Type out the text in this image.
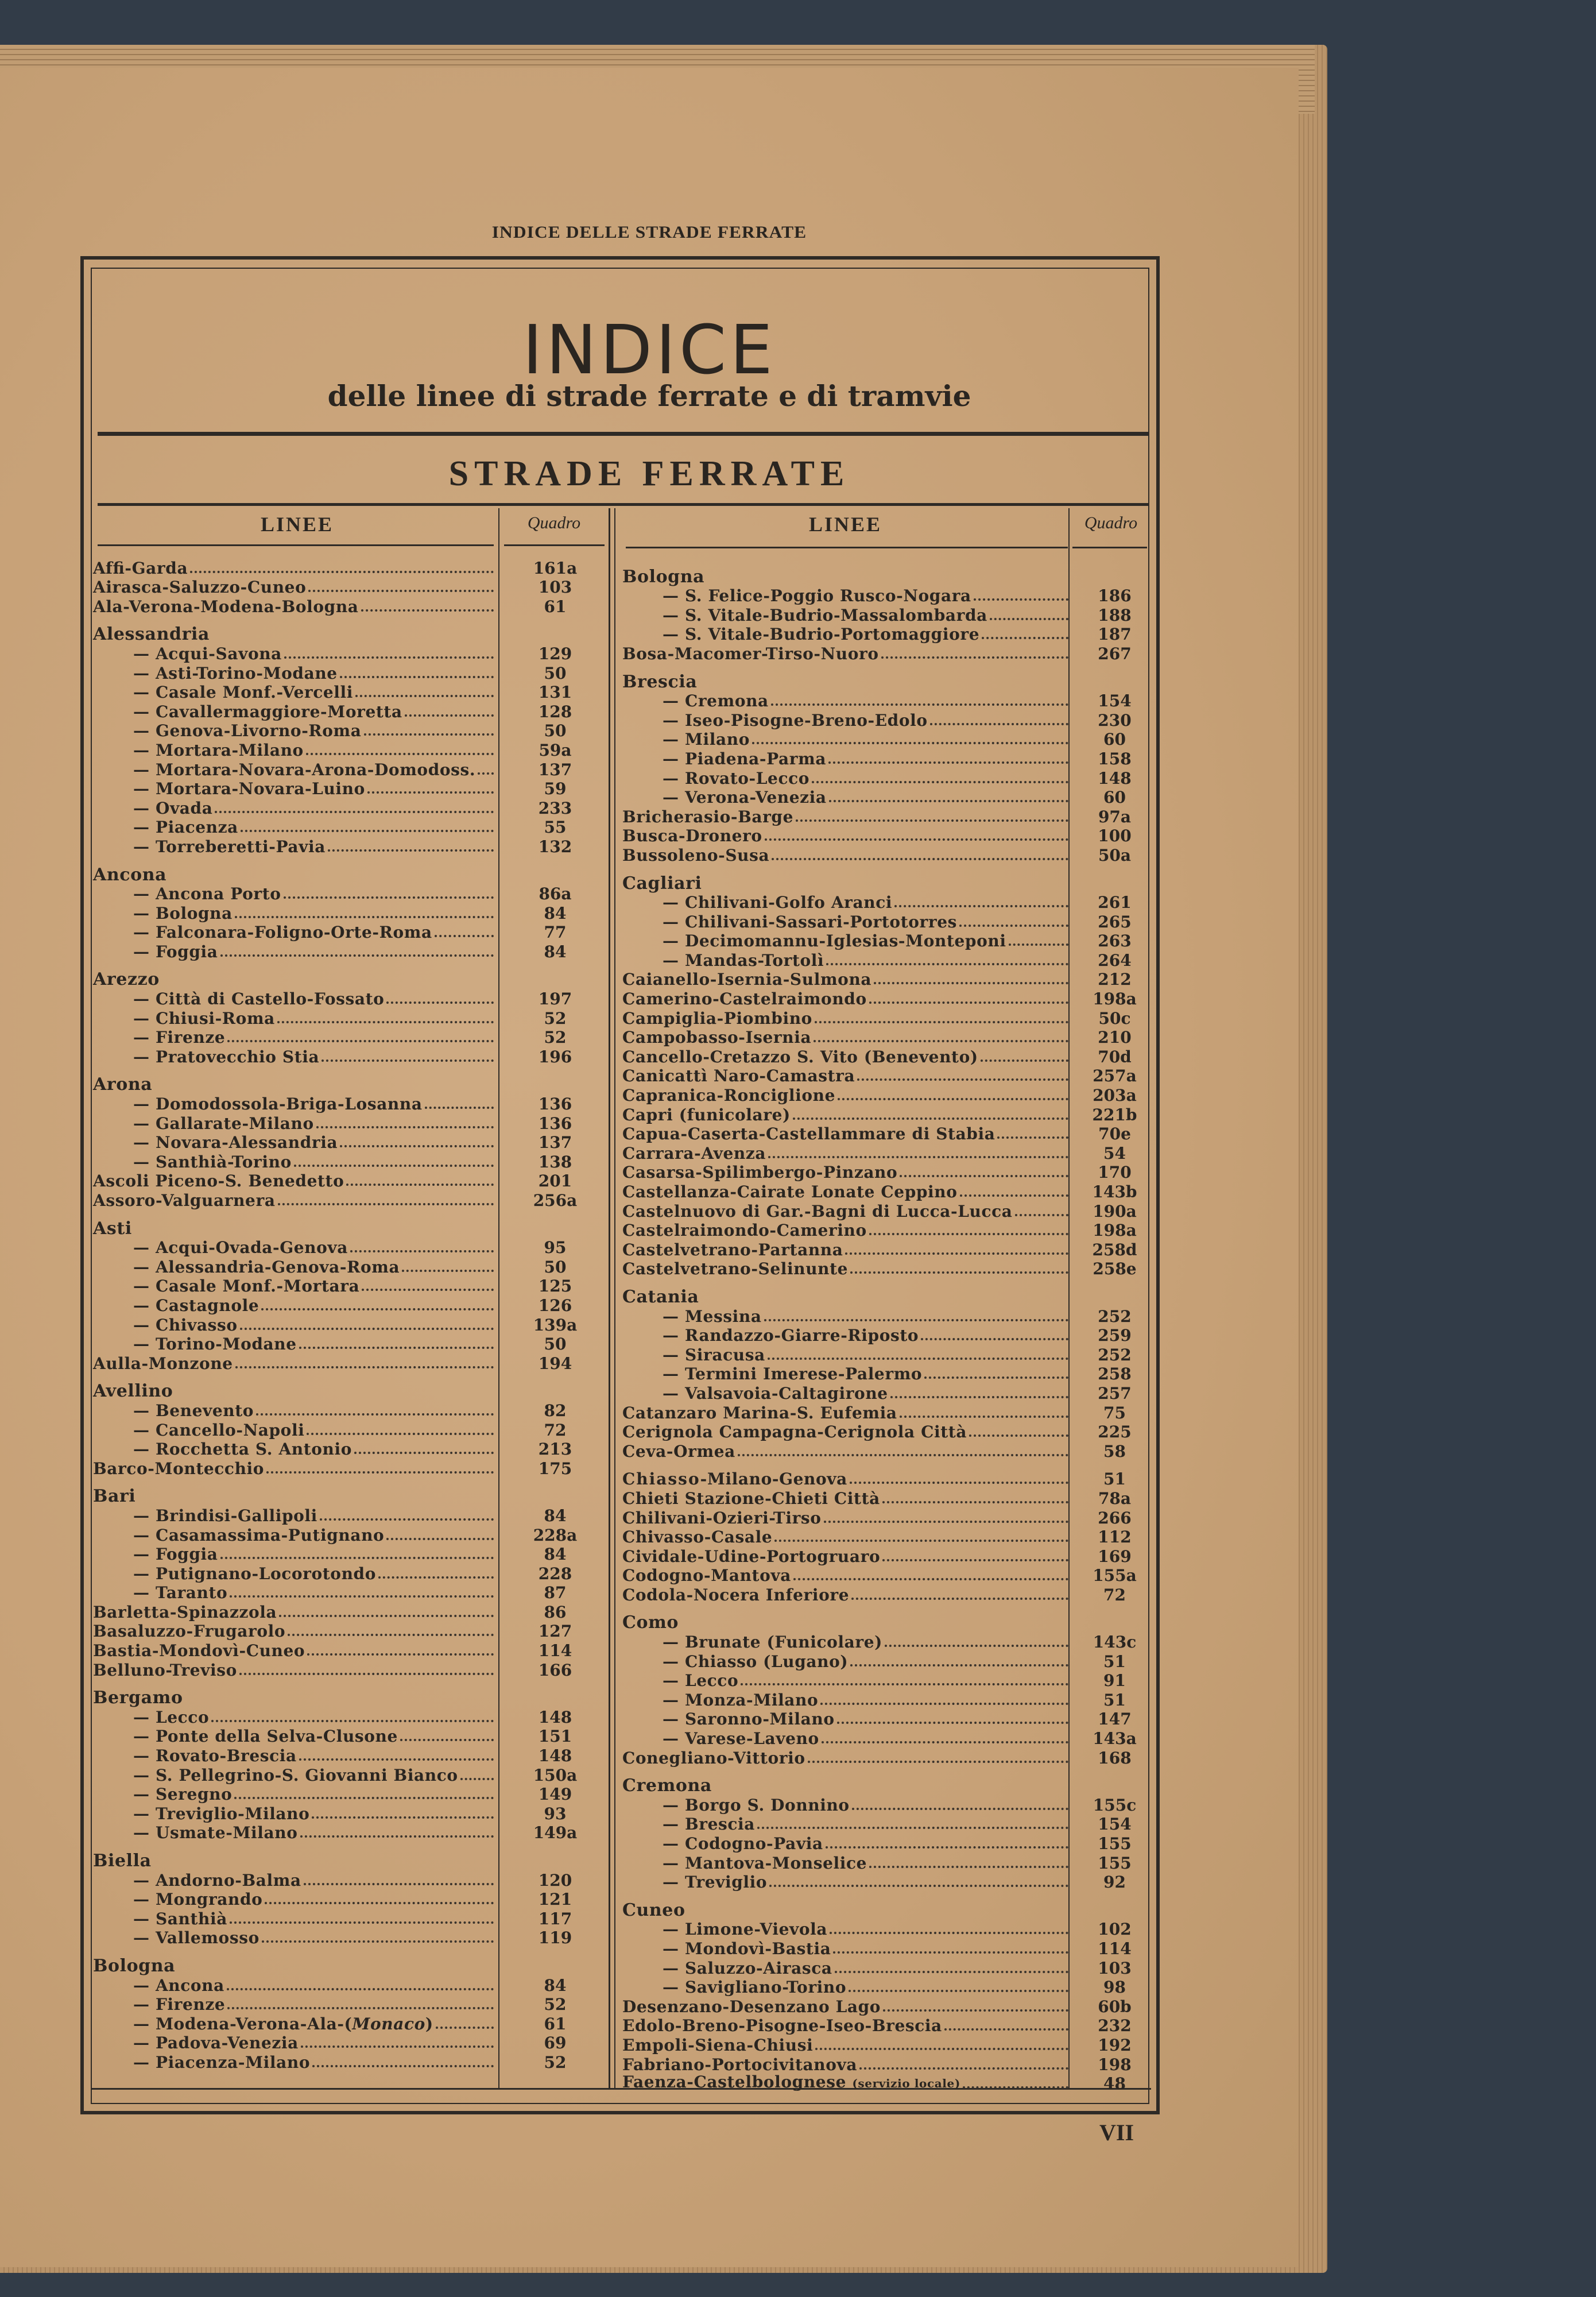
INDICE DELLE STRADE FERRATE
INDICE
delle linee di strade ferrate e di tramvie
STRADE FERRATE
LINEE	Quadro	LINEE	Quadro
Afﬁ-Garda	161a
Airasca-Saluzzo-Cuneo	103
Ala-Verona-Modena-Bologna	61
Alessandria
— Acqui-Savona	129
— Asti-Torino-Modane	50
— Casale Monf.-Vercelli	131
— Cavallermaggiore-Moretta	128
— Genova-Livorno-Roma	50
— Mortara-Milano	59a
— Mortara-Novara-Arona-Domodoss.	137
— Mortara-Novara-Luino	59
— Ovada	233
— Piacenza	55
— Torreberetti-Pavia	132
Ancona
— Ancona Porto	86a
— Bologna	84
— Falconara-Foligno-Orte-Roma	77
— Foggia	84
Arezzo
— Città di Castello-Fossato	197
— Chiusi-Roma	52
— Firenze	52
— Pratovecchio Stia	196
Arona
— Domodossola-Briga-Losanna	136
— Gallarate-Milano	136
— Novara-Alessandria	137
— Santhià-Torino	138
Ascoli Piceno-S. Benedetto	201
Assoro-Valguarnera	256a
Asti
— Acqui-Ovada-Genova	95
— Alessandria-Genova-Roma	50
— Casale Monf.-Mortara	125
— Castagnole	126
— Chivasso	139a
— Torino-Modane	50
Aulla-Monzone	194
Avellino
— Benevento	82
— Cancello-Napoli	72
— Rocchetta S. Antonio	213
Barco-Montecchio	175
Bari
— Brindisi-Gallipoli	84
— Casamassima-Putignano	228a
— Foggia	84
— Putignano-Locorotondo	228
— Taranto	87
Barletta-Spinazzola	86
Basaluzzo-Frugarolo	127
Bastia-Mondovì-Cuneo	114
Belluno-Treviso	166
Bergamo
— Lecco	148
— Ponte della Selva-Clusone	151
— Rovato-Brescia	148
— S. Pellegrino-S. Giovanni Bianco	150a
— Seregno	149
— Treviglio-Milano	93
— Usmate-Milano	149a
Biella
— Andorno-Balma	120
— Mongrando	121
— Santhià	117
— Vallemosso	119
Bologna
— Ancona	84
— Firenze	52
— Modena-Verona-Ala-(Monaco)	61
— Padova-Venezia	69
— Piacenza-Milano	52
Bologna
— S. Felice-Poggio Rusco-Nogara	186
— S. Vitale-Budrio-Massalombarda	188
— S. Vitale-Budrio-Portomaggiore	187
Bosa-Macomer-Tirso-Nuoro	267
Brescia
— Cremona	154
— Iseo-Pisogne-Breno-Edolo	230
— Milano	60
— Piadena-Parma	158
— Rovato-Lecco	148
— Verona-Venezia	60
Bricherasio-Barge	97a
Busca-Dronero	100
Bussoleno-Susa	50a
Cagliari
— Chilivani-Golfo Aranci	261
— Chilivani-Sassari-Portotorres	265
— Decimomannu-Iglesias-Monteponi	263
— Mandas-Tortolì	264
Caianello-Isernia-Sulmona	212
Camerino-Castelraimondo	198a
Campiglia-Piombino	50c
Campobasso-Isernia	210
Cancello-Cretazzo S. Vito (Benevento)	70d
Canicattì Naro-Camastra	257a
Capranica-Ronciglione	203a
Capri (funicolare)	221b
Capua-Caserta-Castellammare di Stabia	70e
Carrara-Avenza	54
Casarsa-Spilimbergo-Pinzano	170
Castellanza-Cairate Lonate Ceppino	143b
Castelnuovo di Gar.-Bagni di Lucca-Lucca	190a
Castelraimondo-Camerino	198a
Castelvetrano-Partanna	258d
Castelvetrano-Selinunte	258e
Catania
— Messina	252
— Randazzo-Giarre-Riposto	259
— Siracusa	252
— Termini Imerese-Palermo	258
— Valsavoia-Caltagirone	257
Catanzaro Marina-S. Eufemia	75
Cerignola Campagna-Cerignola Città	225
Ceva-Ormea	58
Chiasso-Milano-Genova	51
Chieti Stazione-Chieti Città	78a
Chilivani-Ozieri-Tirso	266
Chivasso-Casale	112
Cividale-Udine-Portogruaro	169
Codogno-Mantova	155a
Codola-Nocera Inferiore	72
Como
— Brunate (Funicolare)	143c
— Chiasso (Lugano)	51
— Lecco	91
— Monza-Milano	51
— Saronno-Milano	147
— Varese-Laveno	143a
Conegliano-Vittorio	168
Cremona
— Borgo S. Donnino	155c
— Brescia	154
— Codogno-Pavia	155
— Mantova-Monselice	155
— Treviglio	92
Cuneo
— Limone-Vievola	102
— Mondovì-Bastia	114
— Saluzzo-Airasca	103
— Savigliano-Torino	98
Desenzano-Desenzano Lago	60b
Edolo-Breno-Pisogne-Iseo-Brescia	232
Empoli-Siena-Chiusi	192
Fabriano-Portocivitanova	198
Faenza-Castelbolognese (servizio locale)	48
VII
